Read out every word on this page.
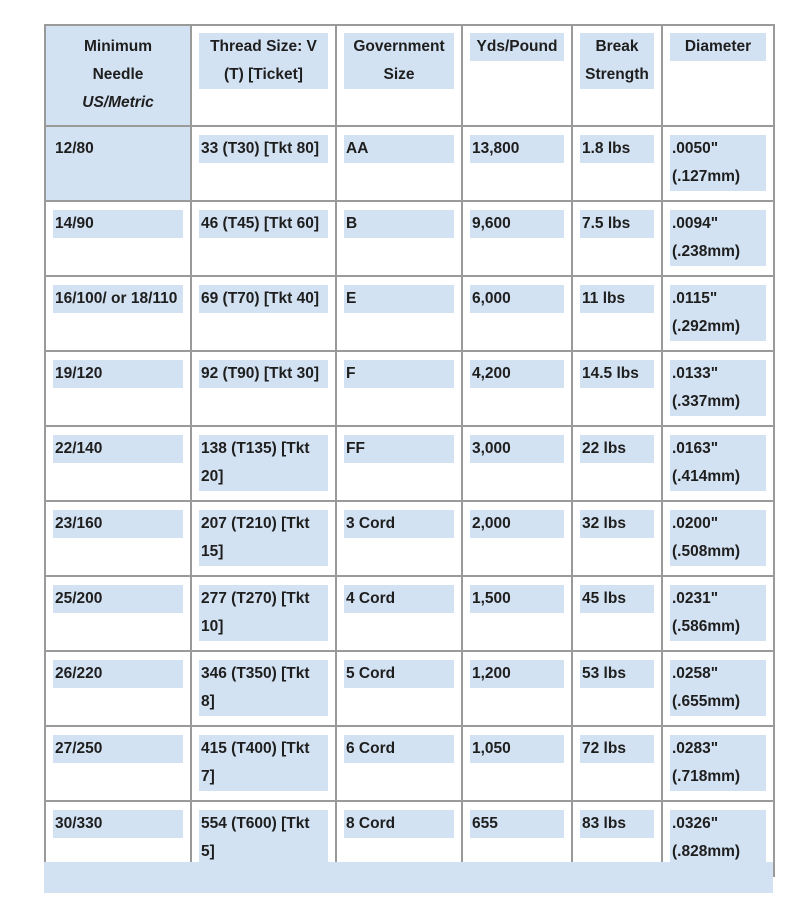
Minimum
Needle
US/Metric	Thread Size: V (T) [Ticket]	Government Size	Yds/Pound	Break Strength	Diameter

12/80	33 (T30) [Tkt 80]	AA	13,800	1.8 lbs	.0050" (.127mm)

14/90	46 (T45) [Tkt 60]	B	9,600	7.5 lbs	.0094" (.238mm)

16/100/ or 18/110	69 (T70) [Tkt 40]	E	6,000	11 lbs	.0115" (.292mm)

19/120	92 (T90) [Tkt 30]	F	4,200	14.5 lbs	.0133" (.337mm)

22/140	138 (T135) [Tkt 20]	FF	3,000	22 lbs	.0163" (.414mm)

23/160	207 (T210) [Tkt 15]	3 Cord	2,000	32 lbs	.0200" (.508mm)

25/200	277 (T270) [Tkt 10]	4 Cord	1,500	45 lbs	.0231" (.586mm)

26/220	346 (T350) [Tkt 8]	5 Cord	1,200	53 lbs	.0258" (.655mm)

27/250	415 (T400) [Tkt 7]	6 Cord	1,050	72 lbs	.0283" (.718mm)

30/330	554 (T600) [Tkt 5]	8 Cord	655	83 lbs	.0326" (.828mm)
